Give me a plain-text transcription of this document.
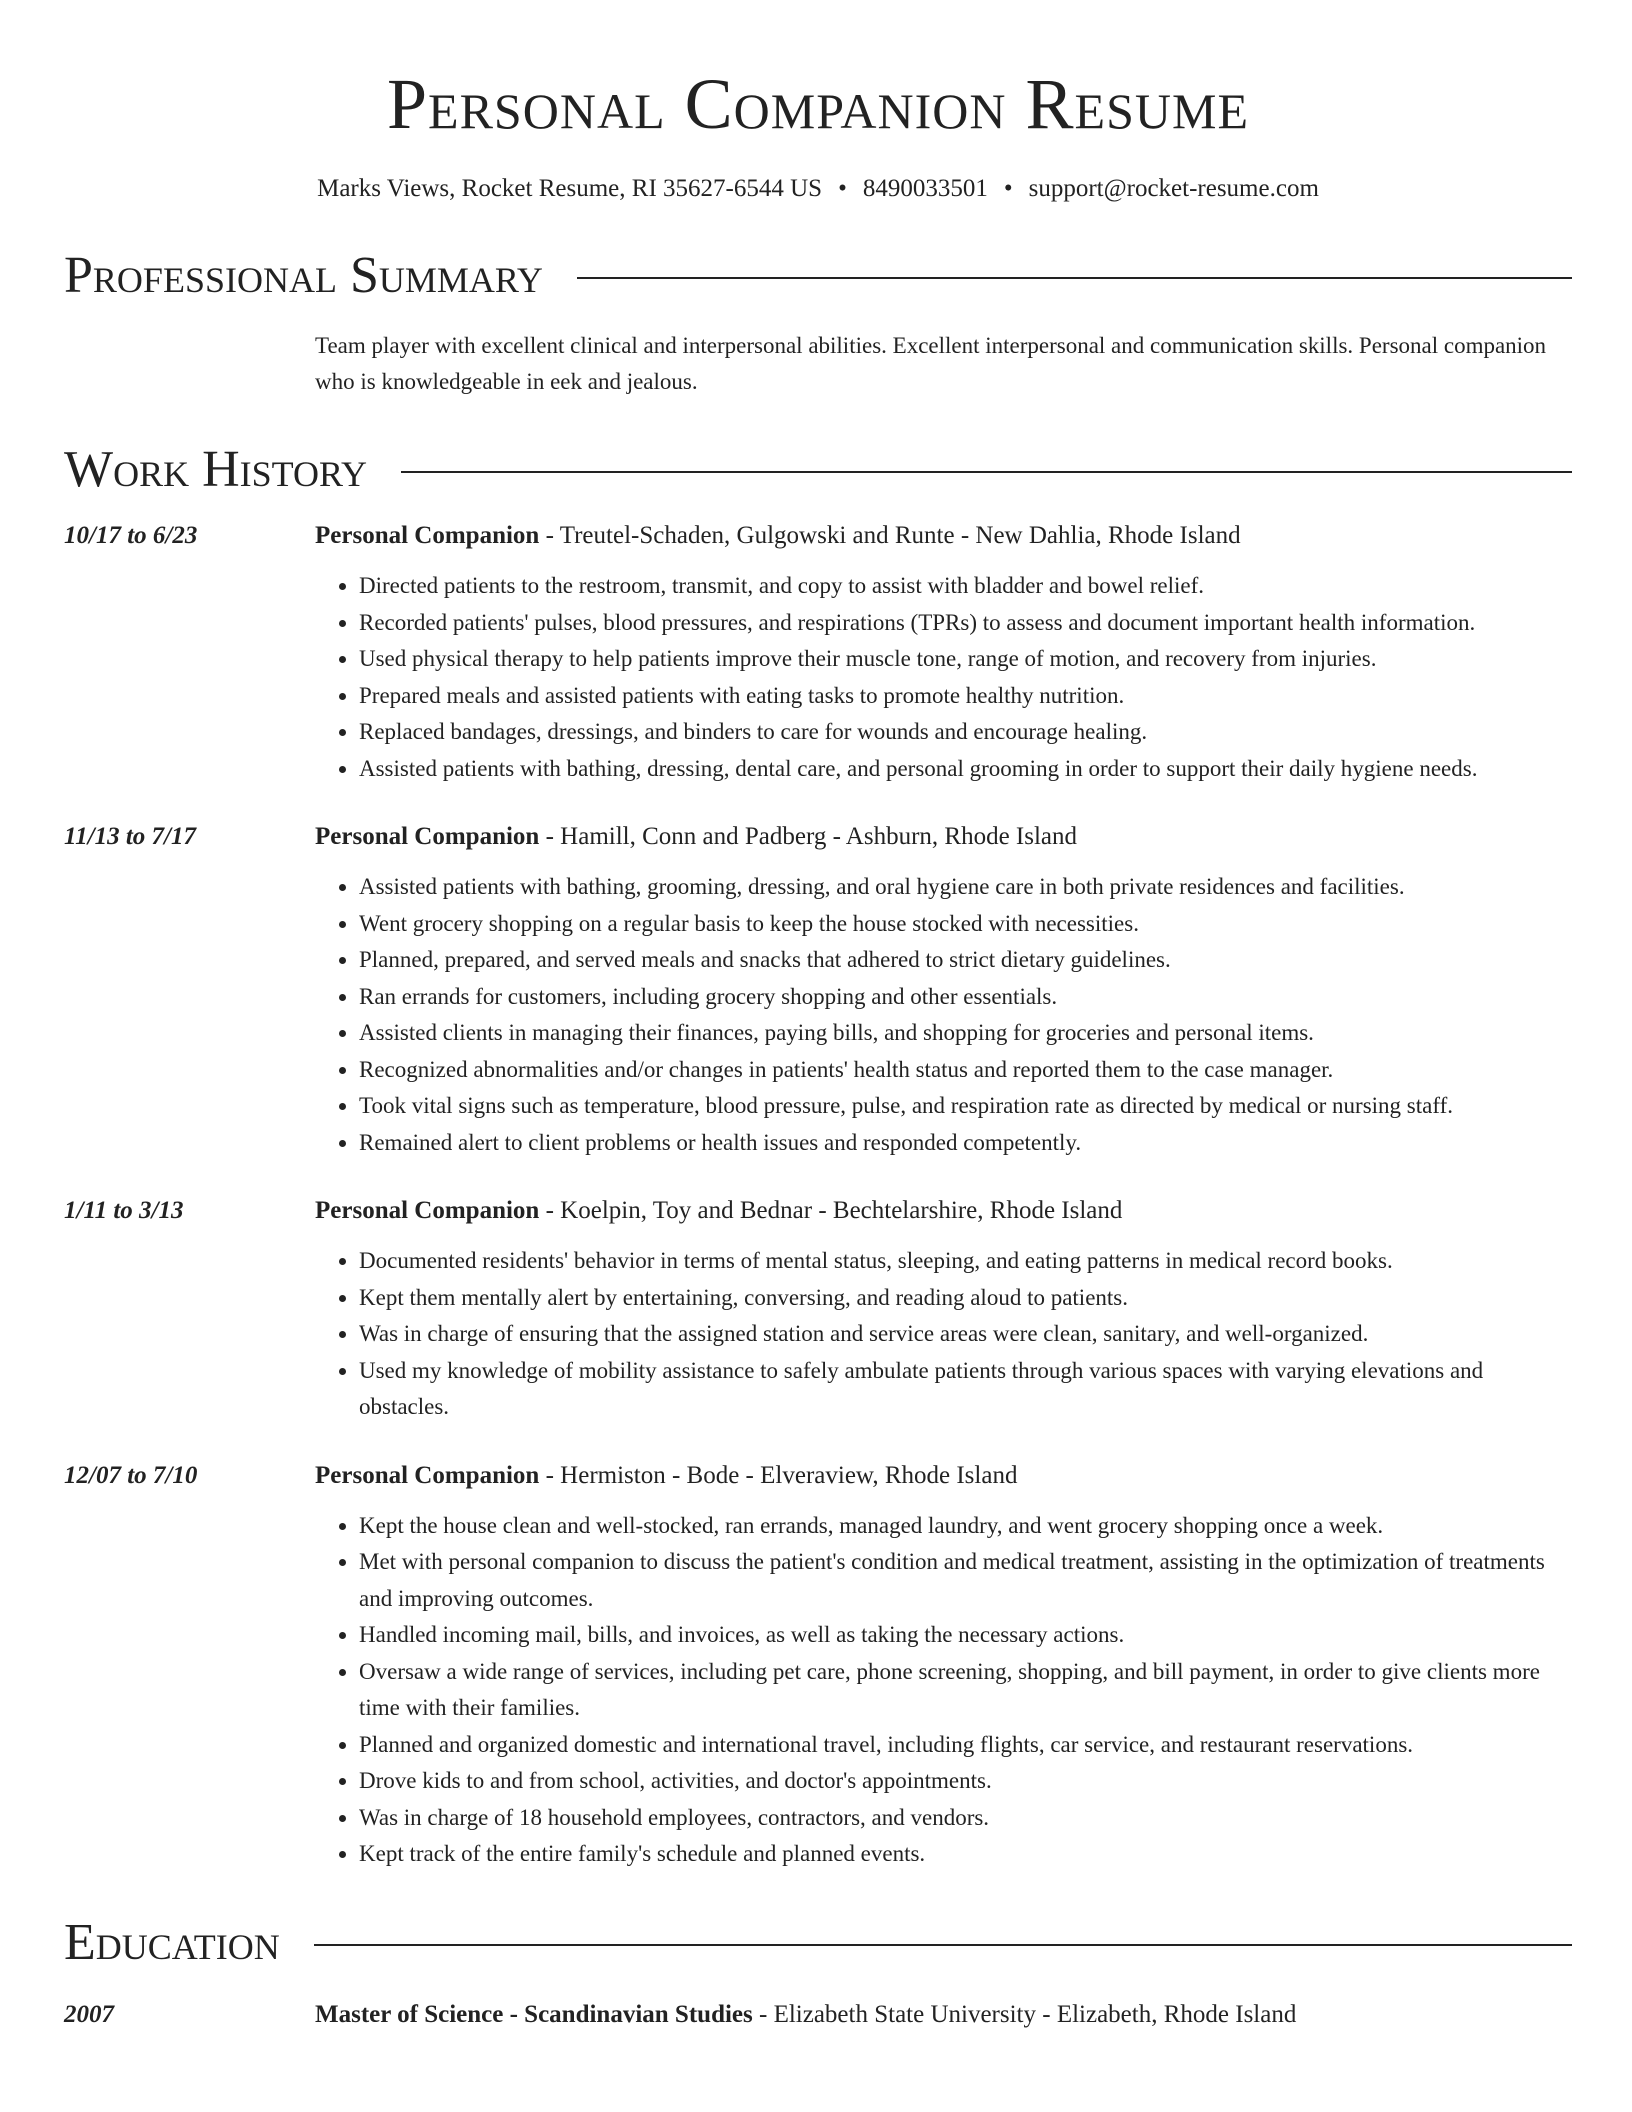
Personal Companion Resume
Marks Views, Rocket Resume, RI 35627-6544 US • 8490033501 • support@rocket-resume.com
Professional Summary
Team player with excellent clinical and interpersonal abilities. Excellent interpersonal and communication skills. Personal companion who is knowledgeable in eek and jealous.
Work History
10/17 to 6/23	Personal Companion - Treutel-Schaden, Gulgowski and Runte - New Dahlia, Rhode Island
• Directed patients to the restroom, transmit, and copy to assist with bladder and bowel relief.
• Recorded patients' pulses, blood pressures, and respirations (TPRs) to assess and document important health information.
• Used physical therapy to help patients improve their muscle tone, range of motion, and recovery from injuries.
• Prepared meals and assisted patients with eating tasks to promote healthy nutrition.
• Replaced bandages, dressings, and binders to care for wounds and encourage healing.
• Assisted patients with bathing, dressing, dental care, and personal grooming in order to support their daily hygiene needs.
11/13 to 7/17	Personal Companion - Hamill, Conn and Padberg - Ashburn, Rhode Island
• Assisted patients with bathing, grooming, dressing, and oral hygiene care in both private residences and facilities.
• Went grocery shopping on a regular basis to keep the house stocked with necessities.
• Planned, prepared, and served meals and snacks that adhered to strict dietary guidelines.
• Ran errands for customers, including grocery shopping and other essentials.
• Assisted clients in managing their finances, paying bills, and shopping for groceries and personal items.
• Recognized abnormalities and/or changes in patients' health status and reported them to the case manager.
• Took vital signs such as temperature, blood pressure, pulse, and respiration rate as directed by medical or nursing staff.
• Remained alert to client problems or health issues and responded competently.
1/11 to 3/13	Personal Companion - Koelpin, Toy and Bednar - Bechtelarshire, Rhode Island
• Documented residents' behavior in terms of mental status, sleeping, and eating patterns in medical record books.
• Kept them mentally alert by entertaining, conversing, and reading aloud to patients.
• Was in charge of ensuring that the assigned station and service areas were clean, sanitary, and well-organized.
• Used my knowledge of mobility assistance to safely ambulate patients through various spaces with varying elevations and obstacles.
12/07 to 7/10	Personal Companion - Hermiston - Bode - Elveraview, Rhode Island
• Kept the house clean and well-stocked, ran errands, managed laundry, and went grocery shopping once a week.
• Met with personal companion to discuss the patient's condition and medical treatment, assisting in the optimization of treatments and improving outcomes.
• Handled incoming mail, bills, and invoices, as well as taking the necessary actions.
• Oversaw a wide range of services, including pet care, phone screening, shopping, and bill payment, in order to give clients more time with their families.
• Planned and organized domestic and international travel, including flights, car service, and restaurant reservations.
• Drove kids to and from school, activities, and doctor's appointments.
• Was in charge of 18 household employees, contractors, and vendors.
• Kept track of the entire family's schedule and planned events.
Education
2007	Master of Science - Scandinavian Studies - Elizabeth State University - Elizabeth, Rhode Island
